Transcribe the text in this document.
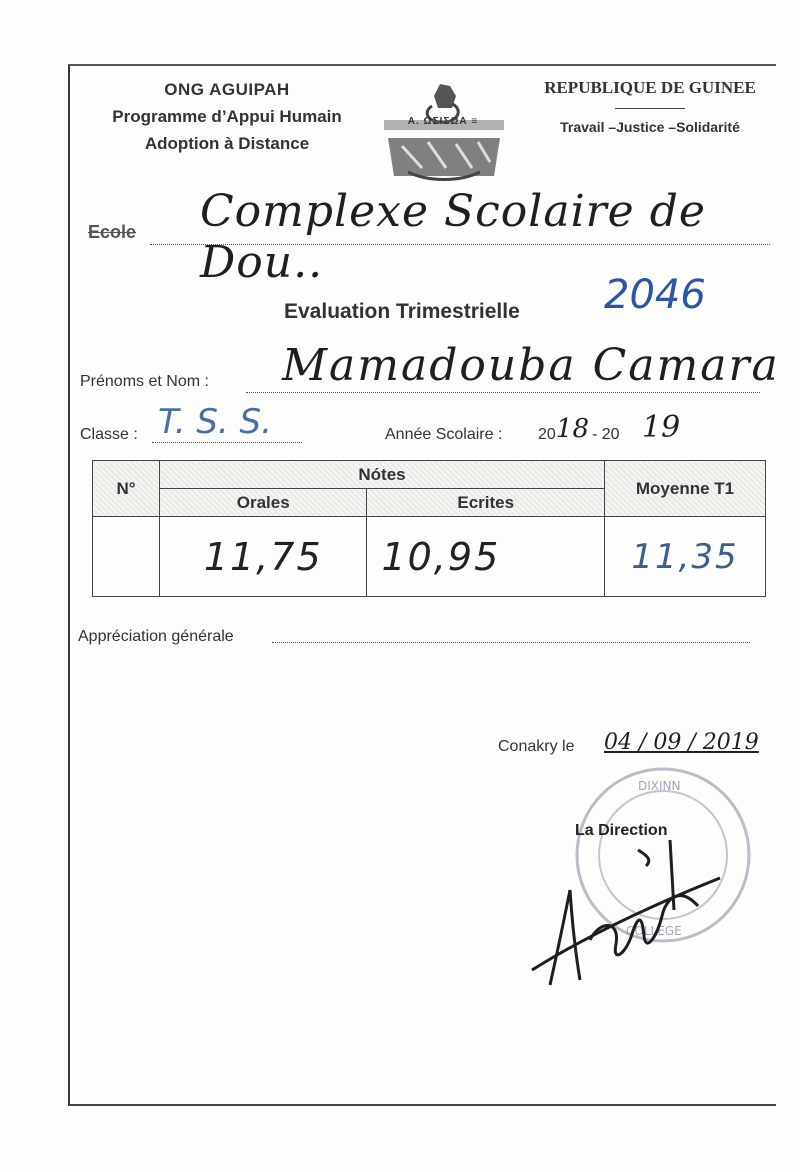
ONG AGUIPAH
Programme d’Appui Humain
Adoption à Distance
A. ΩΣΙΣΩΑ ≡
REPUBLIQUE DE GUINEE
Travail –Justice –Solidarité
Ecole Complexe Scolaire de Dou..
2046
Evaluation Trimestrielle
Prénoms et Nom : Mamadouba Camara
Classe : T. S. S.	Année Scolaire : 20 18 - 20 19
N°	Nótes		Moyenne T1
	Orales	Ecrites	
	11,75	10,95	11,35
Appréciation générale
DIXINN
COLLEGE
Conakry le 04 / 09 / 2019
La Direction
